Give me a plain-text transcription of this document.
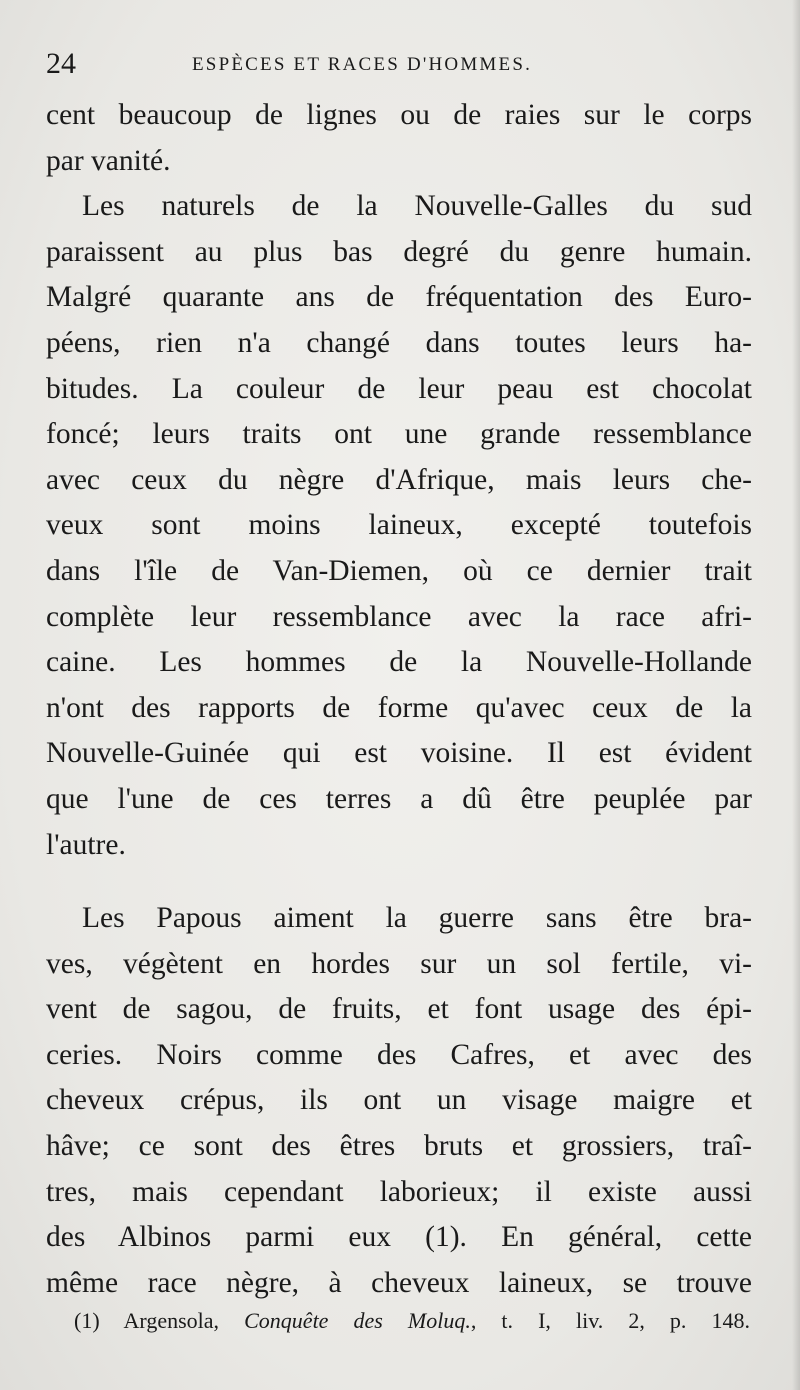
24	ESPÈCES ET RACES D'HOMMES.
cent beaucoup de lignes ou de raies sur le corps
par vanité.
Les naturels de la Nouvelle-Galles du sud
paraissent au plus bas degré du genre humain.
Malgré quarante ans de fréquentation des Euro-
péens, rien n'a changé dans toutes leurs ha-
bitudes. La couleur de leur peau est chocolat
foncé; leurs traits ont une grande ressemblance
avec ceux du nègre d'Afrique, mais leurs che-
veux sont moins laineux, excepté toutefois
dans l'île de Van-Diemen, où ce dernier trait
complète leur ressemblance avec la race afri-
caine. Les hommes de la Nouvelle-Hollande
n'ont des rapports de forme qu'avec ceux de la
Nouvelle-Guinée qui est voisine. Il est évident
que l'une de ces terres a dû être peuplée par
l'autre.
Les Papous aiment la guerre sans être bra-
ves, végètent en hordes sur un sol fertile, vi-
vent de sagou, de fruits, et font usage des épi-
ceries. Noirs comme des Cafres, et avec des
cheveux crépus, ils ont un visage maigre et
hâve; ce sont des êtres bruts et grossiers, traî-
tres, mais cependant laborieux; il existe aussi
des Albinos parmi eux (1). En général, cette
même race nègre, à cheveux laineux, se trouve
(1) Argensola, Conquête des Moluq., t. I, liv. 2, p. 148.
